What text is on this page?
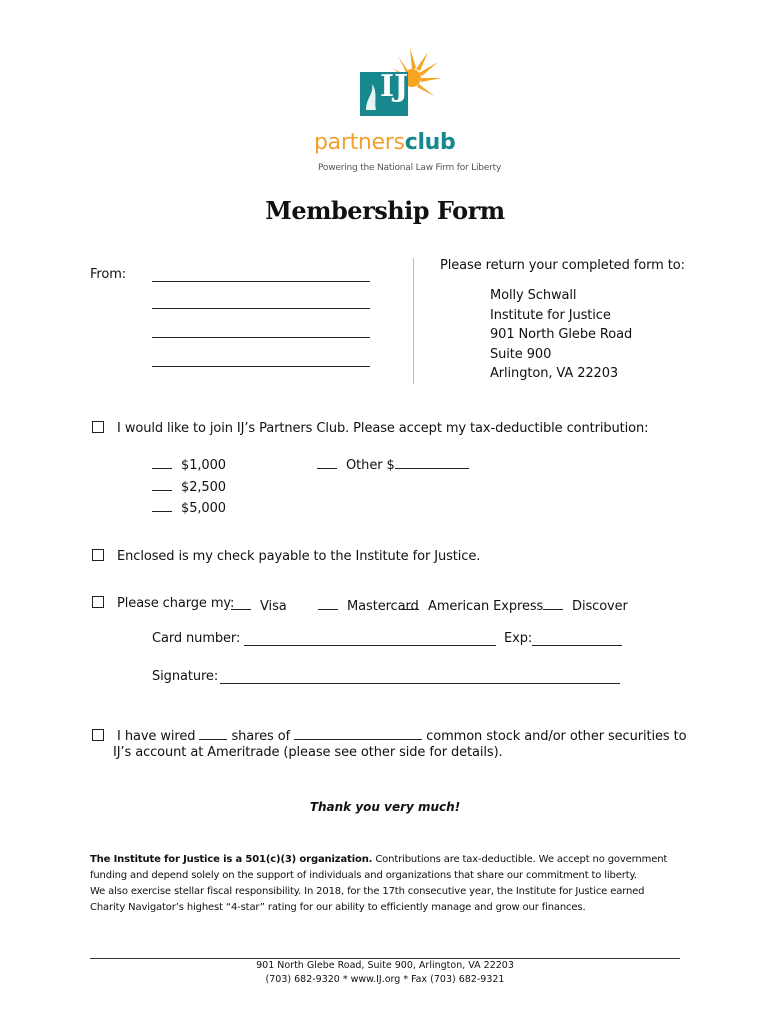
IJ
partnersclub
Powering the National Law Firm for Liberty
Membership Form
From:
Please return your completed form to:
Molly Schwall
Institute for Justice
901 North Glebe Road
Suite 900
Arlington, VA 22203
I would like to join IJ’s Partners Club. Please accept my tax-deductible contribution:
$1,000
$2,500
$5,000
Other $
Enclosed is my check payable to the Institute for Justice.
Please charge my:	Visa	Mastercard American Express	Discover
Card number:	Exp:
Signature:
I have wired	shares of	common stock and/or other securities to
IJ’s account at Ameritrade (please see other side for details).
Thank you very much!
The Institute for Justice is a 501(c)(3) organization. Contributions are tax-deductible. We accept no government
funding and depend solely on the support of individuals and organizations that share our commitment to liberty.
We also exercise stellar fiscal responsibility. In 2018, for the 17th consecutive year, the Institute for Justice earned
Charity Navigator’s highest “4-star” rating for our ability to efficiently manage and grow our finances.
901 North Glebe Road, Suite 900, Arlington, VA 22203
(703) 682-9320 * www.IJ.org * Fax (703) 682-9321
